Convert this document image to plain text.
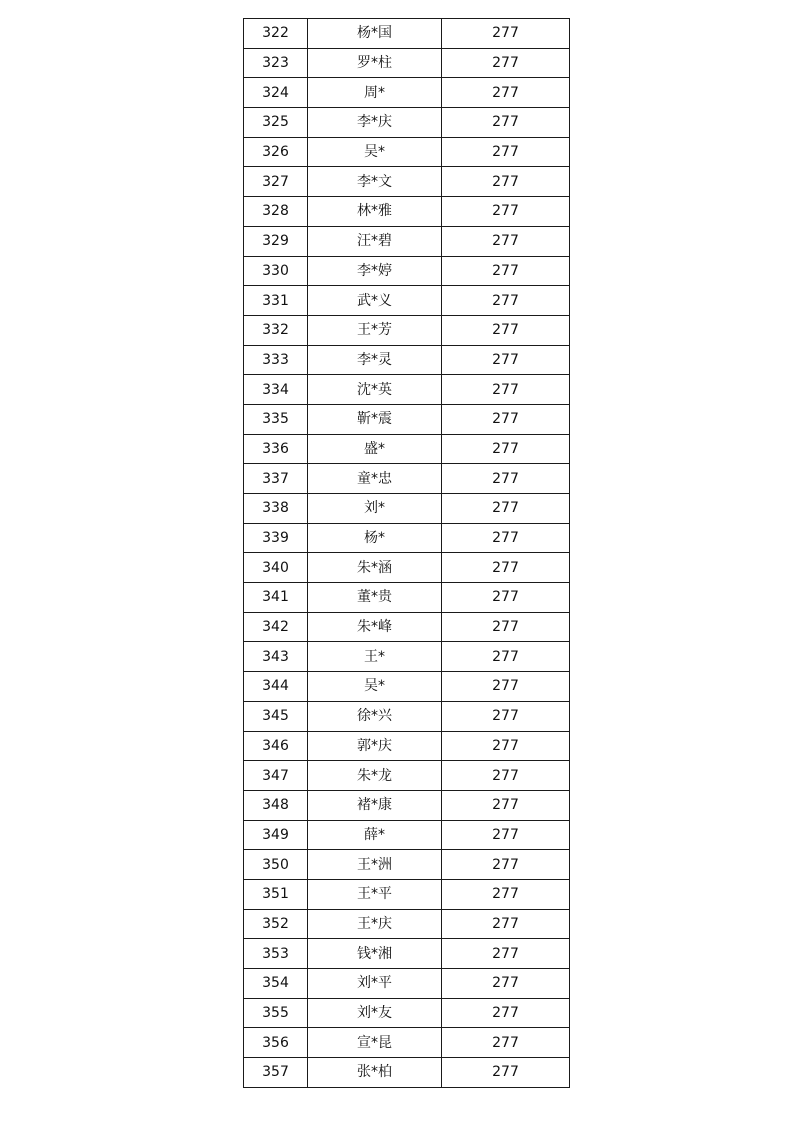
322	杨*国	277
323	罗*柱	277
324	周*	277
325	李*庆	277
326	吴*	277
327	李*文	277
328	林*雅	277
329	汪*碧	277
330	李*婷	277
331	武*义	277
332	王*芳	277
333	李*灵	277
334	沈*英	277
335	靳*震	277
336	盛*	277
337	童*忠	277
338	刘*	277
339	杨*	277
340	朱*涵	277
341	董*贵	277
342	朱*峰	277
343	王*	277
344	吴*	277
345	徐*兴	277
346	郭*庆	277
347	朱*龙	277
348	褚*康	277
349	薛*	277
350	王*洲	277
351	王*平	277
352	王*庆	277
353	钱*湘	277
354	刘*平	277
355	刘*友	277
356	宣*昆	277
357	张*柏	277
